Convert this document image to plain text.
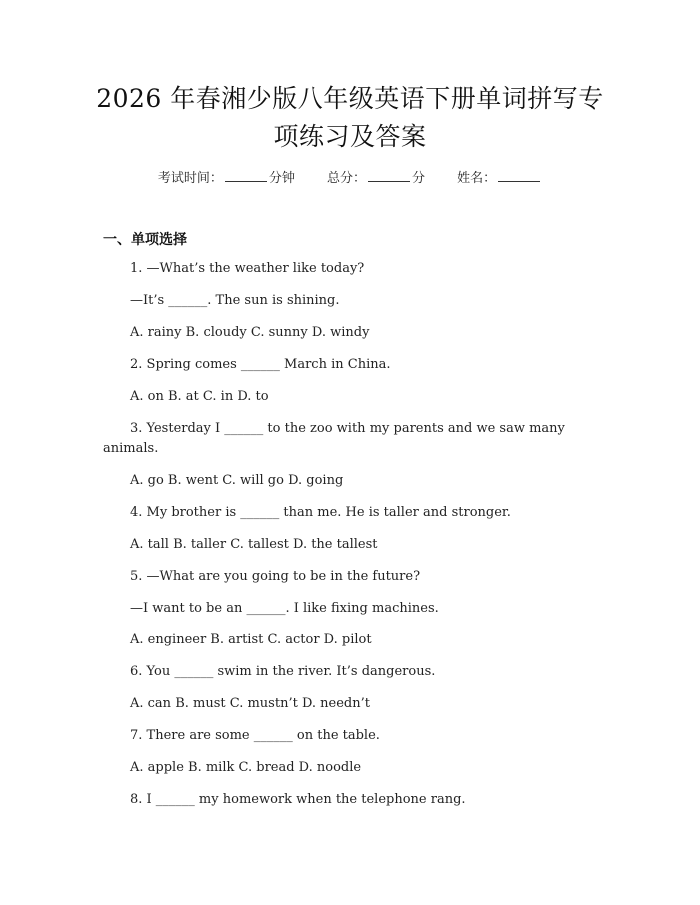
2026 年春湘少版八年级英语下册单词拼写专
项练习及答案
考试时间：	分钟 总分：	分 姓名：
一、单项选择
1. —What’s the weather like today?
—It’s ______. The sun is shining.
A. rainy B. cloudy C. sunny D. windy
2. Spring comes ______ March in China.
A. on B. at C. in D. to
3. Yesterday I ______ to the zoo with my parents and we saw many
animals.
A. go B. went C. will go D. going
4. My brother is ______ than me. He is taller and stronger.
A. tall B. taller C. tallest D. the tallest
5. —What are you going to be in the future?
—I want to be an ______. I like fixing machines.
A. engineer B. artist C. actor D. pilot
6. You ______ swim in the river. It’s dangerous.
A. can B. must C. mustn’t D. needn’t
7. There are some ______ on the table.
A. apple B. milk C. bread D. noodle
8. I ______ my homework when the telephone rang.
